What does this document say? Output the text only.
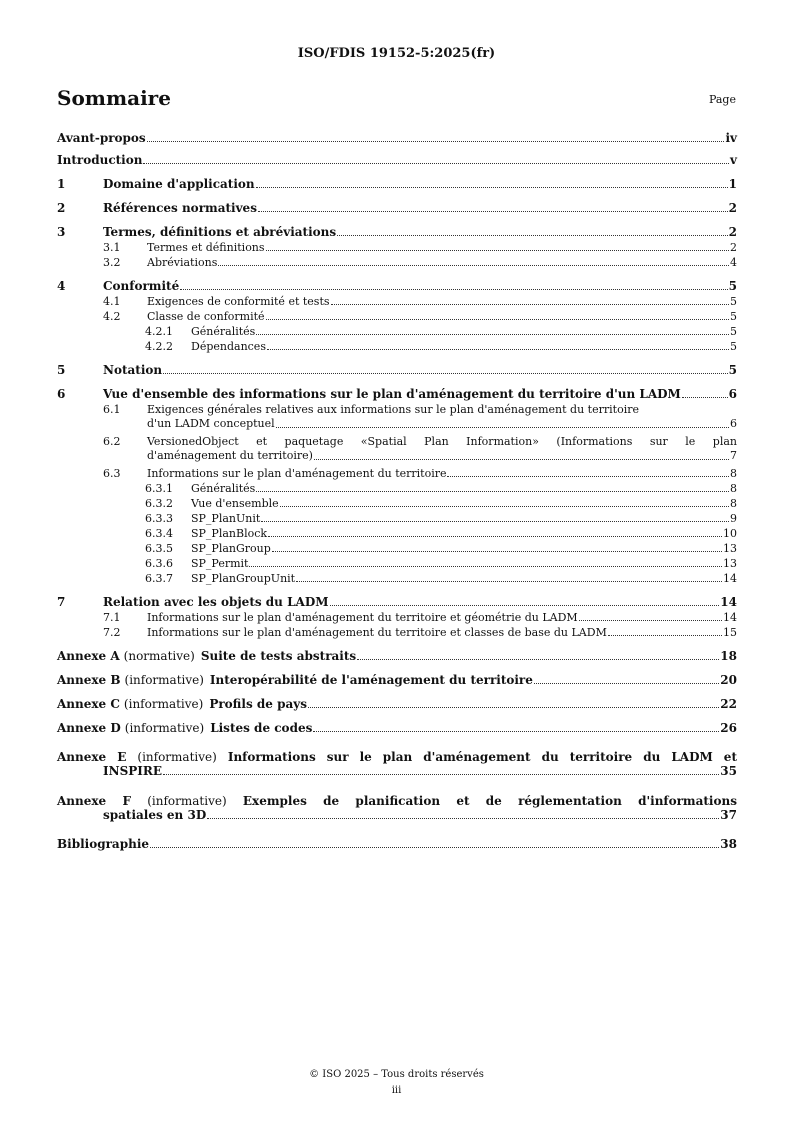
ISO/FDIS 19152-5:2025(fr)
Sommaire	Page
Avant-propos	iv
Introduction	v
1	Domaine d'application	1
2	Références normatives	2
3	Termes, définitions et abréviations	2
3.1 Termes et définitions	2
3.2 Abréviations	4
4	Conformité	5
4.1 Exigences de conformité et tests	5
4.2 Classe de conformité	5
4.2.1 Généralités	5
4.2.2 Dépendances	5
5	Notation	5
6	Vue d'ensemble des informations sur le plan d'aménagement du territoire d'un LADM	6
6.1 Exigences générales relatives aux informations sur le plan d'aménagement du territoire
d'un LADM conceptuel	6
6.2 VersionedObject et paquetage «Spatial Plan Information» (Informations sur le plan
d'aménagement du territoire)	7
6.3 Informations sur le plan d'aménagement du territoire	8
6.3.1 Généralités	8
6.3.2 Vue d'ensemble	8
6.3.3 SP_PlanUnit	9
6.3.4 SP_PlanBlock	10
6.3.5 SP_PlanGroup	13
6.3.6 SP_Permit	13
6.3.7 SP_PlanGroupUnit	14
7	Relation avec les objets du LADM	14
7.1 Informations sur le plan d'aménagement du territoire et géométrie du LADM	14
7.2 Informations sur le plan d'aménagement du territoire et classes de base du LADM	15
Annexe A (normative) Suite de tests abstraits	18
Annexe B (informative) Interopérabilité de l'aménagement du territoire	20
Annexe C (informative) Profils de pays	22
Annexe D (informative) Listes de codes	26
Annexe E (informative) Informations sur le plan d'aménagement du territoire du LADM et
INSPIRE	35
Annexe F (informative) Exemples de planification et de réglementation d'informations
spatiales en 3D	37
Bibliographie	38
© ISO 2025 – Tous droits réservés
iii
